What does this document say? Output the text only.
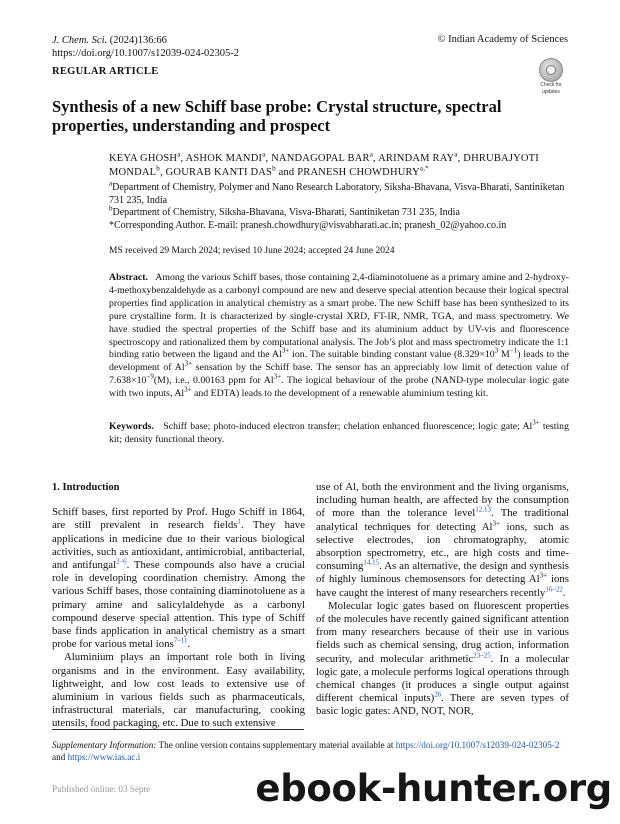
J. Chem. Sci. (2024)136:66
https://doi.org/10.1007/s12039-024-02305-2
© Indian Academy of Sciences
REGULAR ARTICLE
Check for
updates
Synthesis of a new Schiff base probe: Crystal structure, spectral properties, understanding and prospect
KEYA GHOSH$^a$, ASHOK MANDI$^a$, NANDAGOPAL BAR$^a$, ARINDAM RAY$^a$, DHRUBAJYOTI MONDAL$^b$, GOURAB KANTI DAS$^b$ and PRANESH $CHOWDHURY^{a,*}$
$^a$Department of Chemistry, Polymer and Nano Research Laboratory, Siksha-Bhavana, Visva-Bharati, Santiniketan 731 235, India
$^b$Department of Chemistry, Siksha-Bhavana, Visva-Bharati, Santiniketan 731 235, India
*Corresponding Author. E-mail: pranesh.chowdhury@visvabharati.ac.in; pranesh_02@yahoo.co.in
MS received 29 March 2024; revised 10 June 2024; accepted 24 June 2024
Abstract. Among the various Schiff bases, those containing 2,4-diaminotoluene as a primary amine and 2-hydroxy-4-methoxybenzaldehyde as a carbonyl compound are new and deserve special attention because their logical spectral properties find application in analytical chemistry as a smart probe. The new Schiff base has been synthesized to its pure crystalline form. It is characterized by single-crystal XRD, FT-IR, NMR, TGA, and mass spectrometry. We have studied the spectral properties of the Schiff base and its aluminium adduct by UV-vis and fluorescence spectroscopy and rationalized them by computational analysis. The Job’s plot and mass spectrometry indicate the 1:1 binding ratio between the ligand and the $Al^{3+}$ ion. The suitable binding constant value ($8.329\times 10^3$ $M^{-1}$) leads to the development of $Al^{3+}$ sensation by the Schiff base. The sensor has an appreciably low limit of detection value of $7.638\times 10^{-9}(M)$, i.e., 0.00163 ppm for $Al^{3+}$. The logical behaviour of the probe (NAND-type molecular logic gate with two inputs, $Al^{3+}$ and EDTA) leads to the development of a renewable aluminium testing kit.
Keywords. Schiff base; photo-induced electron transfer; chelation enhanced fluorescence; logic gate; $Al^{3+}$ testing kit; density functional theory.
1. Introduction

Schiff bases, first reported by Prof. Hugo Schiff in 1864, are still prevalent in research fields$^1$. They have applications in medicine due to their various biological activities, such as antioxidant, antimicrobial, antibacterial, and antifungal$^{2-6}$. These compounds also have a crucial role in developing coordination chemistry. Among the various Schiff bases, those containing diaminotoluene as a primary amine and salicylaldehyde as a carbonyl compound deserve special attention. This type of Schiff base finds application in analytical chemistry as a smart probe for various metal ions$^{7-11}$.

Aluminium plays an important role both in living organisms and in the environment. Easy availability, lightweight, and low cost leads to extensive use of aluminium in various fields such as pharmaceuticals, infrastructural materials, car manufacturing, cooking utensils, food packaging, etc. Due to such extensive

use of Al, both the environment and the living organisms, including human health, are affected by the consumption of more than the tolerance level$^{12,13}$. The traditional analytical techniques for detecting $Al^{3+}$ ions, such as selective electrodes, ion chromatography, atomic absorption spectrometry, etc., are high costs and time-consuming$^{14,15}$. As an alternative, the design and synthesis of highly luminous chemosensors for detecting $Al^{3+}$ ions have caught the interest of many researchers recently$^{16-22}$.

Molecular logic gates based on fluorescent properties of the molecules have recently gained significant attention from many researchers because of their use in various fields such as chemical sensing, drug action, information security, and molecular arithmetic$^{23-25}$. In a molecular logic gate, a molecule performs logical operations through chemical changes (it produces a single output against different chemical inputs)$^{26}$. There are seven types of basic logic gates: AND, NOT, NOR,

Supplementary Information: The online version contains supplementary material available at https://doi.org/10.1007/s12039-024-02305-2 and https://www.ias.ac.i
ebook-hunter.org
